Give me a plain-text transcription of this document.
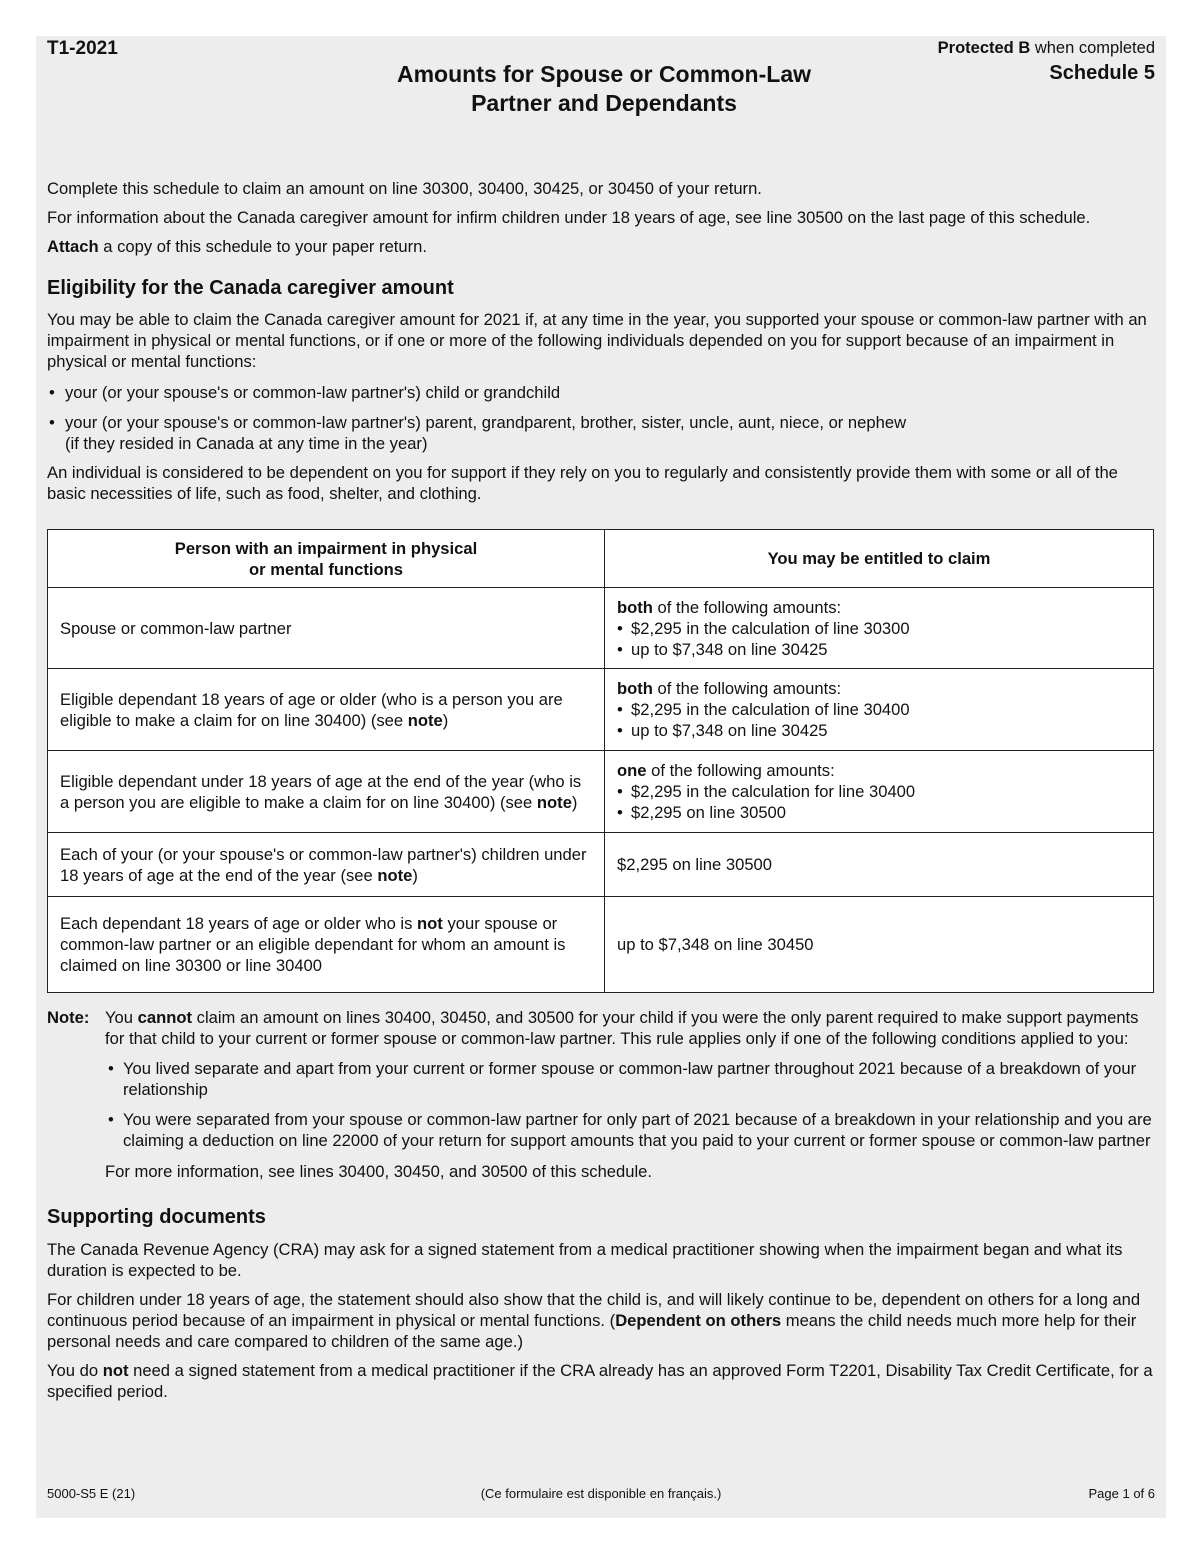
T1-2021	Protected B when completed
Schedule 5
Amounts for Spouse or Common-Law
Partner and Dependants

Complete this schedule to claim an amount on line 30300, 30400, 30425, or 30450 of your return.

For information about the Canada caregiver amount for infirm children under 18 years of age, see line 30500 on the last page of this schedule.

Attach a copy of this schedule to your paper return.

Eligibility for the Canada caregiver amount

You may be able to claim the Canada caregiver amount for 2021 if, at any time in the year, you supported your spouse or common-law partner with an impairment in physical or mental functions, or if one or more of the following individuals depended on you for support because of an impairment in physical or mental functions:

• your (or your spouse's or common-law partner's) child or grandchild
• your (or your spouse's or common-law partner's) parent, grandparent, brother, sister, uncle, aunt, niece, or nephew
(if they resided in Canada at any time in the year)

An individual is considered to be dependent on you for support if they rely on you to regularly and consistently provide them with some or all of the basic necessities of life, such as food, shelter, and clothing.

Person with an impairment in physical
or mental functions	You may be entitled to claim
Spouse or common-law partner	both of the following amounts:
• $2,295 in the calculation of line 30300
• up to $7,348 on line 30425

Eligible dependant 18 years of age or older (who is a person you are eligible to make a claim for on line 30400) (see note)	both of the following amounts:
• $2,295 in the calculation of line 30400
• up to $7,348 on line 30425

Eligible dependant under 18 years of age at the end of the year (who is a person you are eligible to make a claim for on line 30400) (see note)	one of the following amounts:
• $2,295 in the calculation for line 30400
• $2,295 on line 30500

Each of your (or your spouse's or common-law partner's) children under 18 years of age at the end of the year (see note)	$2,295 on line 30500
Each dependant 18 years of age or older who is not your spouse or common-law partner or an eligible dependant for whom an amount is claimed on line 30300 or line 30400	up to $7,348 on line 30450
Note: You cannot claim an amount on lines 30400, 30450, and 30500 for your child if you were the only parent required to make support payments for that child to your current or former spouse or common-law partner. This rule applies only if one of the following conditions applied to you:
• You lived separate and apart from your current or former spouse or common-law partner throughout 2021 because of a breakdown of your relationship
• You were separated from your spouse or common-law partner for only part of 2021 because of a breakdown in your relationship and you are claiming a deduction on line 22000 of your return for support amounts that you paid to your current or former spouse or common-law partner
For more information, see lines 30400, 30450, and 30500 of this schedule.
Supporting documents

The Canada Revenue Agency (CRA) may ask for a signed statement from a medical practitioner showing when the impairment began and what its duration is expected to be.

For children under 18 years of age, the statement should also show that the child is, and will likely continue to be, dependent on others for a long and continuous period because of an impairment in physical or mental functions. (Dependent on others means the child needs much more help for their personal needs and care compared to children of the same age.)

You do not need a signed statement from a medical practitioner if the CRA already has an approved Form T2201, Disability Tax Credit Certificate, for a specified period.

5000-S5 E (21)	(Ce formulaire est disponible en français.)	Page 1 of 6
